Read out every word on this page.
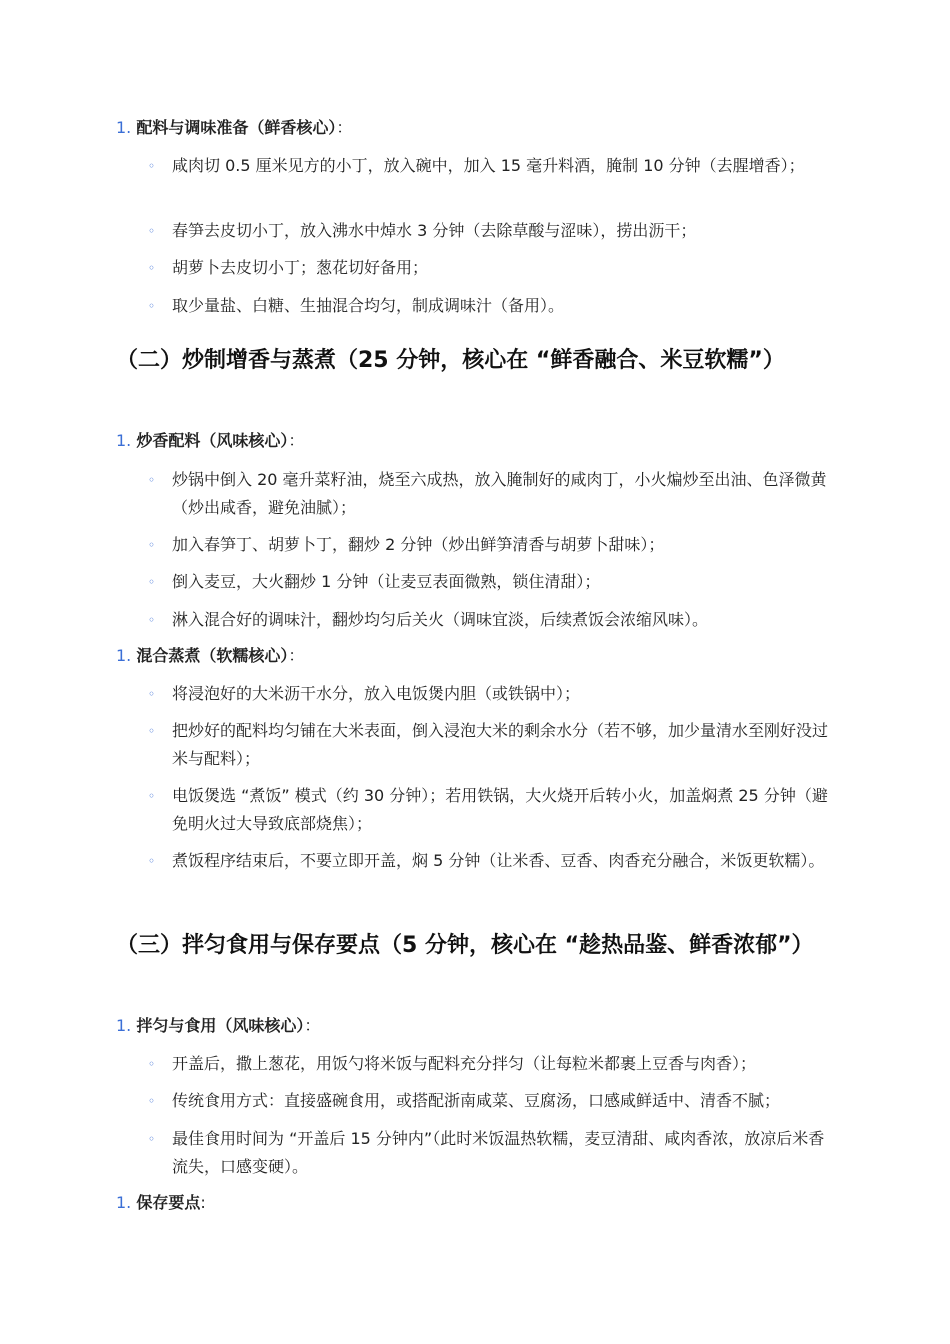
1. 配料与调味准备（鲜香核心）：
◦ 咸肉切 0.5 厘米见方的小丁，放入碗中，加入 15 毫升料酒，腌制 10 分钟（去腥增香）；
◦ 春笋去皮切小丁，放入沸水中焯水 3 分钟（去除草酸与涩味），捞出沥干；
◦ 胡萝卜去皮切小丁；葱花切好备用；
◦ 取少量盐、白糖、生抽混合均匀，制成调味汁（备用）。
（二）炒制增香与蒸煮（25 分钟，核心在 “鲜香融合、米豆软糯”）
1. 炒香配料（风味核心）：
◦ 炒锅中倒入 20 毫升菜籽油，烧至六成热，放入腌制好的咸肉丁，小火煸炒至出油、色泽微黄（炒出咸香，避免油腻）；
◦ 加入春笋丁、胡萝卜丁，翻炒 2 分钟（炒出鲜笋清香与胡萝卜甜味）；
◦ 倒入麦豆，大火翻炒 1 分钟（让麦豆表面微熟，锁住清甜）；
◦ 淋入混合好的调味汁，翻炒均匀后关火（调味宜淡，后续煮饭会浓缩风味）。
1. 混合蒸煮（软糯核心）：
◦ 将浸泡好的大米沥干水分，放入电饭煲内胆（或铁锅中）；
◦ 把炒好的配料均匀铺在大米表面，倒入浸泡大米的剩余水分（若不够，加少量清水至刚好没过米与配料）；
◦ 电饭煲选 “煮饭” 模式（约 30 分钟）；若用铁锅，大火烧开后转小火，加盖焖煮 25 分钟（避免明火过大导致底部烧焦）；
◦ 煮饭程序结束后，不要立即开盖，焖 5 分钟（让米香、豆香、肉香充分融合，米饭更软糯）。
（三）拌匀食用与保存要点（5 分钟，核心在 “趁热品鉴、鲜香浓郁”）
1. 拌匀与食用（风味核心）：
◦ 开盖后，撒上葱花，用饭勺将米饭与配料充分拌匀（让每粒米都裹上豆香与肉香）；
◦ 传统食用方式：直接盛碗食用，或搭配浙南咸菜、豆腐汤，口感咸鲜适中、清香不腻；
◦ 最佳食用时间为 “开盖后 15 分钟内”（此时米饭温热软糯，麦豆清甜、咸肉香浓，放凉后米香流失，口感变硬）。
1. 保存要点:
